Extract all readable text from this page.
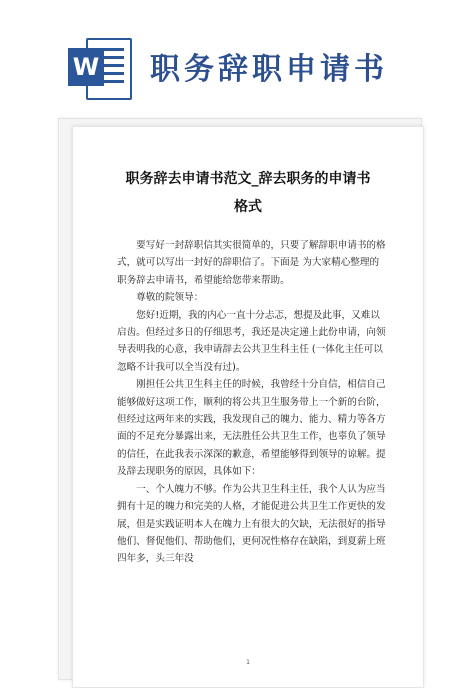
W 职务辞职申请书
职务辞去申请书范文_辞去职务的申请书
格式

　　要写好一封辞职信其实很简单的，只要了解辞职申请书的格式，就可以写出一封好的辞职信了。下面是 为大家精心整理的职务辞去申请书，希望能给您带来帮助。

　　尊敬的院领导：

　　您好!近期，我的内心一直十分忐忑，想提及此事，又难以启齿。但经过多日的仔细思考，我还是决定递上此份申请，向领导表明我的心意，我申请辞去公共卫生科主任 (一体化主任可以忽略不计我可以全当没有过)。

　　刚担任公共卫生科主任的时候，我曾经十分自信，相信自己能够做好这项工作，顺利的将公共卫生服务带上一个新的台阶，但经过这两年来的实践，我发现自己的魄力、能力、精力等各方面的不足充分暴露出来，无法胜任公共卫生工作，也辜负了领导的信任，在此我表示深深的歉意，希望能够得到领导的谅解。提及辞去现职务的原因，具体如下：

　　一、个人魄力不够。作为公共卫生科主任，我个人认为应当拥有十足的魄力和完美的人格，才能促进公共卫生工作更快的发展，但是实践证明本人在魄力上有很大的欠缺，无法很好的指导他们、督促他们、帮助他们，更何况性格存在缺陷，到夏薪上班四年多，头三年没

1
